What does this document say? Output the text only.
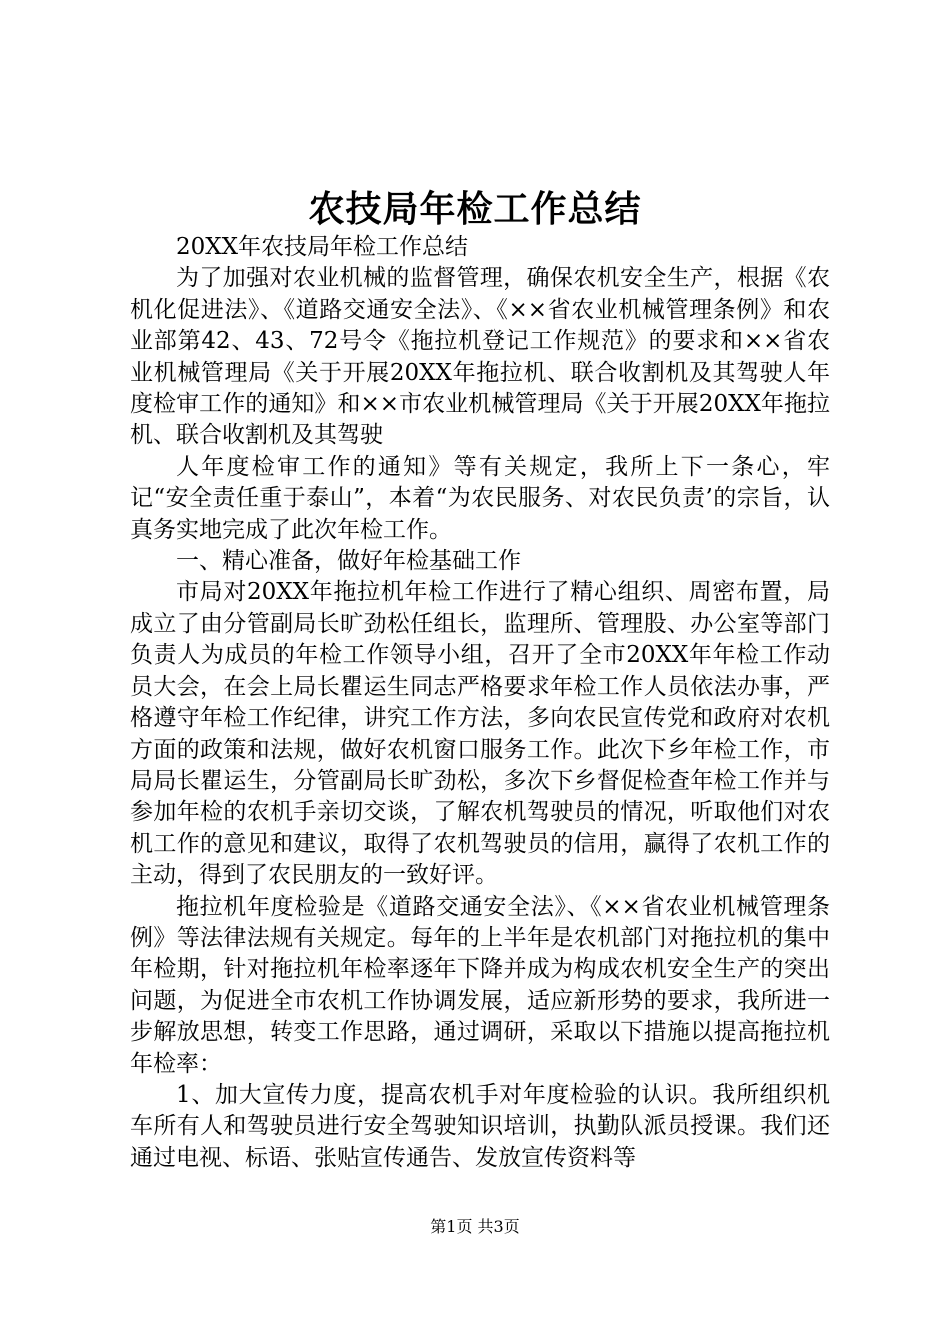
农技局年检工作总结

20XX年农技局年检工作总结

为了加强对农业机械的监督管理，确保农机安全生产，根据《农机化促进法》、《道路交通安全法》、《××省农业机械管理条例》和农业部第42、43、72号令《拖拉机登记工作规范》的要求和××省农业机械管理局《关于开展20XX年拖拉机、联合收割机及其驾驶人年度检审工作的通知》和××市农业机械管理局《关于开展20XX年拖拉机、联合收割机及其驾驶

人年度检审工作的通知》等有关规定，我所上下一条心，牢记“安全责任重于泰山”，本着“为农民服务、对农民负责’的宗旨，认真务实地完成了此次年检工作。

一、精心准备，做好年检基础工作

市局对20XX年拖拉机年检工作进行了精心组织、周密布置，局成立了由分管副局长旷劲松任组长，监理所、管理股、办公室等部门负责人为成员的年检工作领导小组，召开了全市20XX年年检工作动员大会，在会上局长瞿运生同志严格要求年检工作人员依法办事，严格遵守年检工作纪律，讲究工作方法，多向农民宣传党和政府对农机方面的政策和法规，做好农机窗口服务工作。此次下乡年检工作，市局局长瞿运生，分管副局长旷劲松，多次下乡督促检查年检工作并与参加年检的农机手亲切交谈，了解农机驾驶员的情况，听取他们对农机工作的意见和建议，取得了农机驾驶员的信用，赢得了农机工作的主动，得到了农民朋友的一致好评。

拖拉机年度检验是《道路交通安全法》、《××省农业机械管理条例》等法律法规有关规定。每年的上半年是农机部门对拖拉机的集中年检期，针对拖拉机年检率逐年下降并成为构成农机安全生产的突出问题，为促进全市农机工作协调发展，适应新形势的要求，我所进一步解放思想，转变工作思路，通过调研，采取以下措施以提高拖拉机年检率：

1、加大宣传力度，提高农机手对年度检验的认识。我所组织机车所有人和驾驶员进行安全驾驶知识培训，执勤队派员授课。我们还通过电视、标语、张贴宣传通告、发放宣传资料等

第1页 共3页
